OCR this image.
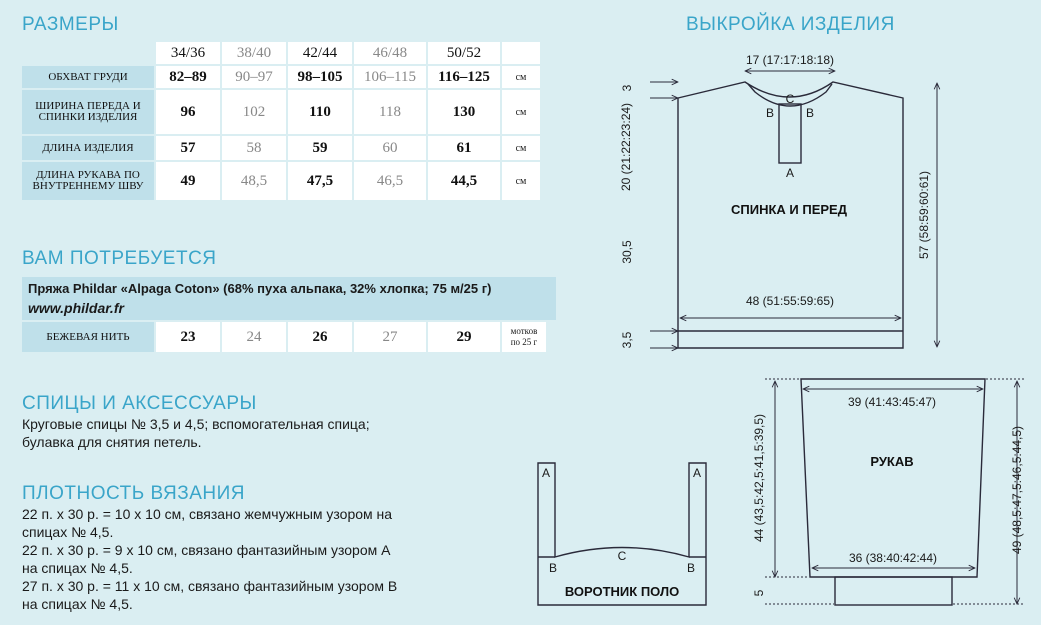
РАЗМЕРЫ	ВЫКРОЙКА ИЗДЕЛИЯ
	34/36	38/40	42/44	46/48	50/52	
ОБХВАТ ГРУДИ	82–89	90–97	98–105	106–115	116–125	см
ШИРИНА ПЕРЕДА И СПИНКИ ИЗДЕЛИЯ	96	102	110	118	130	см
ДЛИНА ИЗДЕЛИЯ	57	58	59	60	61	см
ДЛИНА РУКАВА ПО ВНУТРЕННЕМУ ШВУ	49	48,5	47,5	46,5	44,5	см
ВАМ ПОТРЕБУЕТСЯ
Пряжа Phildar «Alpaga Coton» (68% пуха альпака, 32% хлопка; 75 м/25 г)
www.phildar.fr
БЕЖЕВАЯ НИТЬ	23	24	26	27	29	мотков
по 25 г
СПИЦЫ И АКСЕССУАРЫ
Круговые спицы № 3,5 и 4,5; вспомогательная спица;
булавка для снятия петель.
ПЛОТНОСТЬ ВЯЗАНИЯ
22 п. х 30 р. = 10 х 10 см, связано жемчужным узором на
спицах № 4,5.
22 п. х 30 р. = 9 х 10 см, связано фантазийным узором А
на спицах № 4,5.
27 п. х 30 р. = 11 х 10 см, связано фантазийным узором В
на спицах № 4,5.
17 (17:17:18:18)
48 (51:55:59:65)
57 (58:59:60:61)
3
20 (21:22:23:24)
30,5
3,5
39 (41:43:45:47)
36 (38:40:42:44)
44 (43,5:42,5:41,5:39,5)	49 (48,5:47,5:46,5:44,5)
5
C
B	B
A
A	A
B	B
C
СПИНКА И ПЕРЕД
РУКАВ
ВОРОТНИК ПОЛО
